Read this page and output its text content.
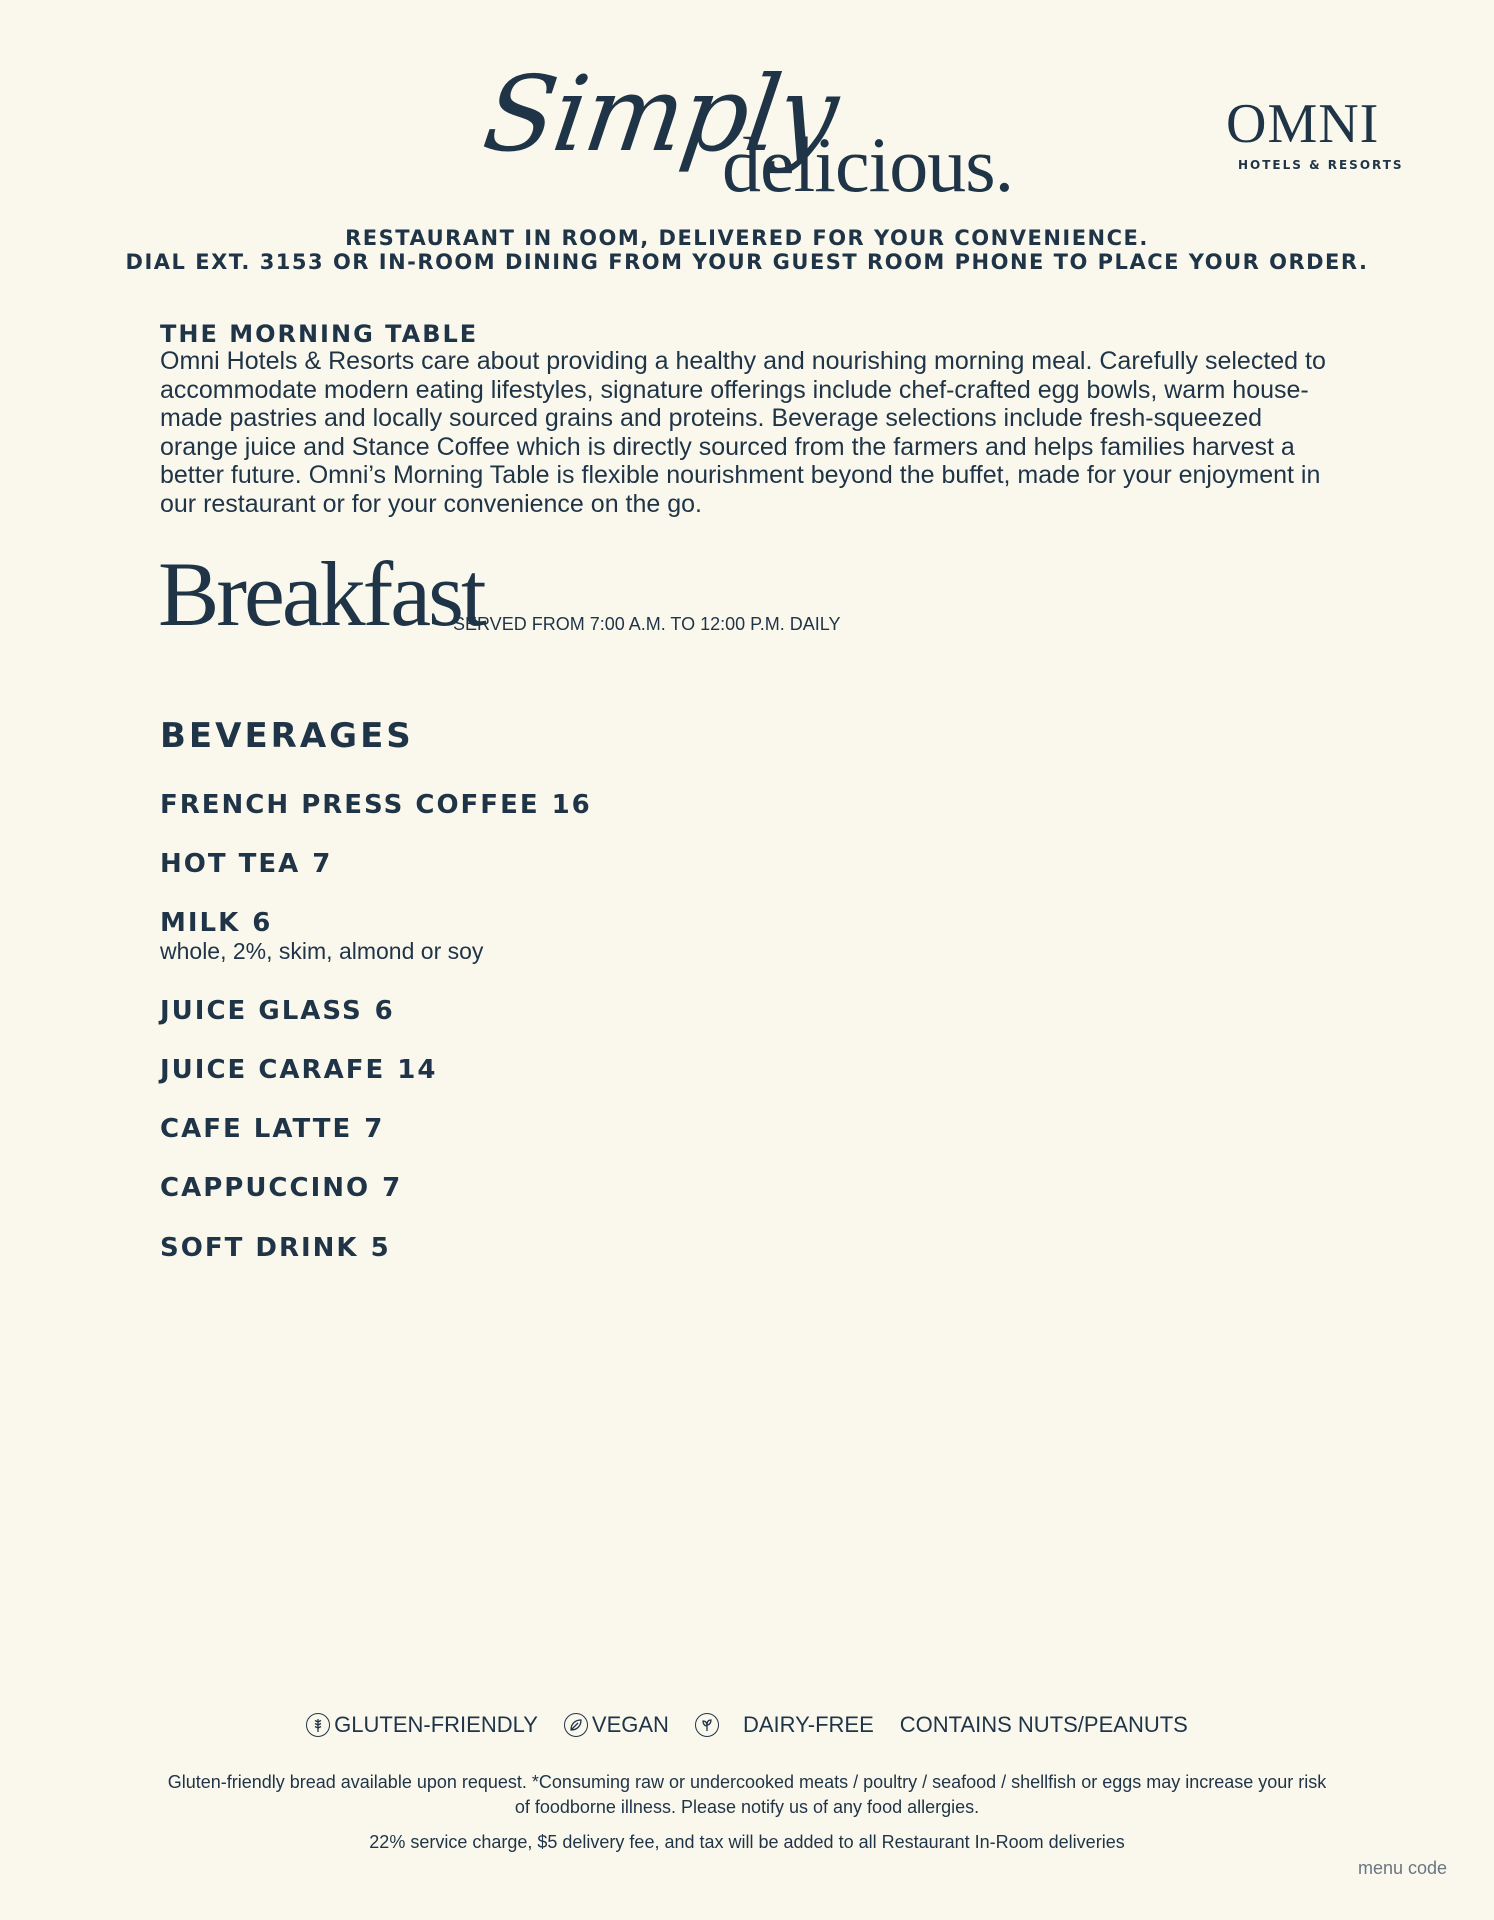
Simply
delicious.	OMNI
HOTELS & RESORTS
RESTAURANT IN ROOM, DELIVERED FOR YOUR CONVENIENCE.
DIAL EXT. 3153 OR IN-ROOM DINING FROM YOUR GUEST ROOM PHONE TO PLACE YOUR ORDER.
THE MORNING TABLE
Omni Hotels & Resorts care about providing a healthy and nourishing morning meal. Carefully selected to accommodate modern eating lifestyles, signature offerings include chef-crafted egg bowls, warm house-made pastries and locally sourced grains and proteins. Beverage selections include fresh-squeezed orange juice and Stance Coffee which is directly sourced from the farmers and helps families harvest a better future. Omni’s Morning Table is flexible nourishment beyond the buffet, made for your enjoyment in our restaurant or for your convenience on the go.
Breakfast
SERVED FROM 7:00 A.M. TO 12:00 P.M. DAILY
BEVERAGES
FRENCH PRESS COFFEE 16
HOT TEA 7
MILK 6
whole, 2%, skim, almond or soy
JUICE GLASS 6
JUICE CARAFE 14
CAFE LATTE 7
CAPPUCCINO 7
SOFT DRINK 5
GLUTEN-FRIENDLY VEGAN	DAIRY-FREE CONTAINS NUTS/PEANUTS
Gluten-friendly bread available upon request. *Consuming raw or undercooked meats / poultry / seafood / shellfish or eggs may increase your risk of foodborne illness. Please notify us of any food allergies.
22% service charge, $5 delivery fee, and tax will be added to all Restaurant In-Room deliveries
menu code
